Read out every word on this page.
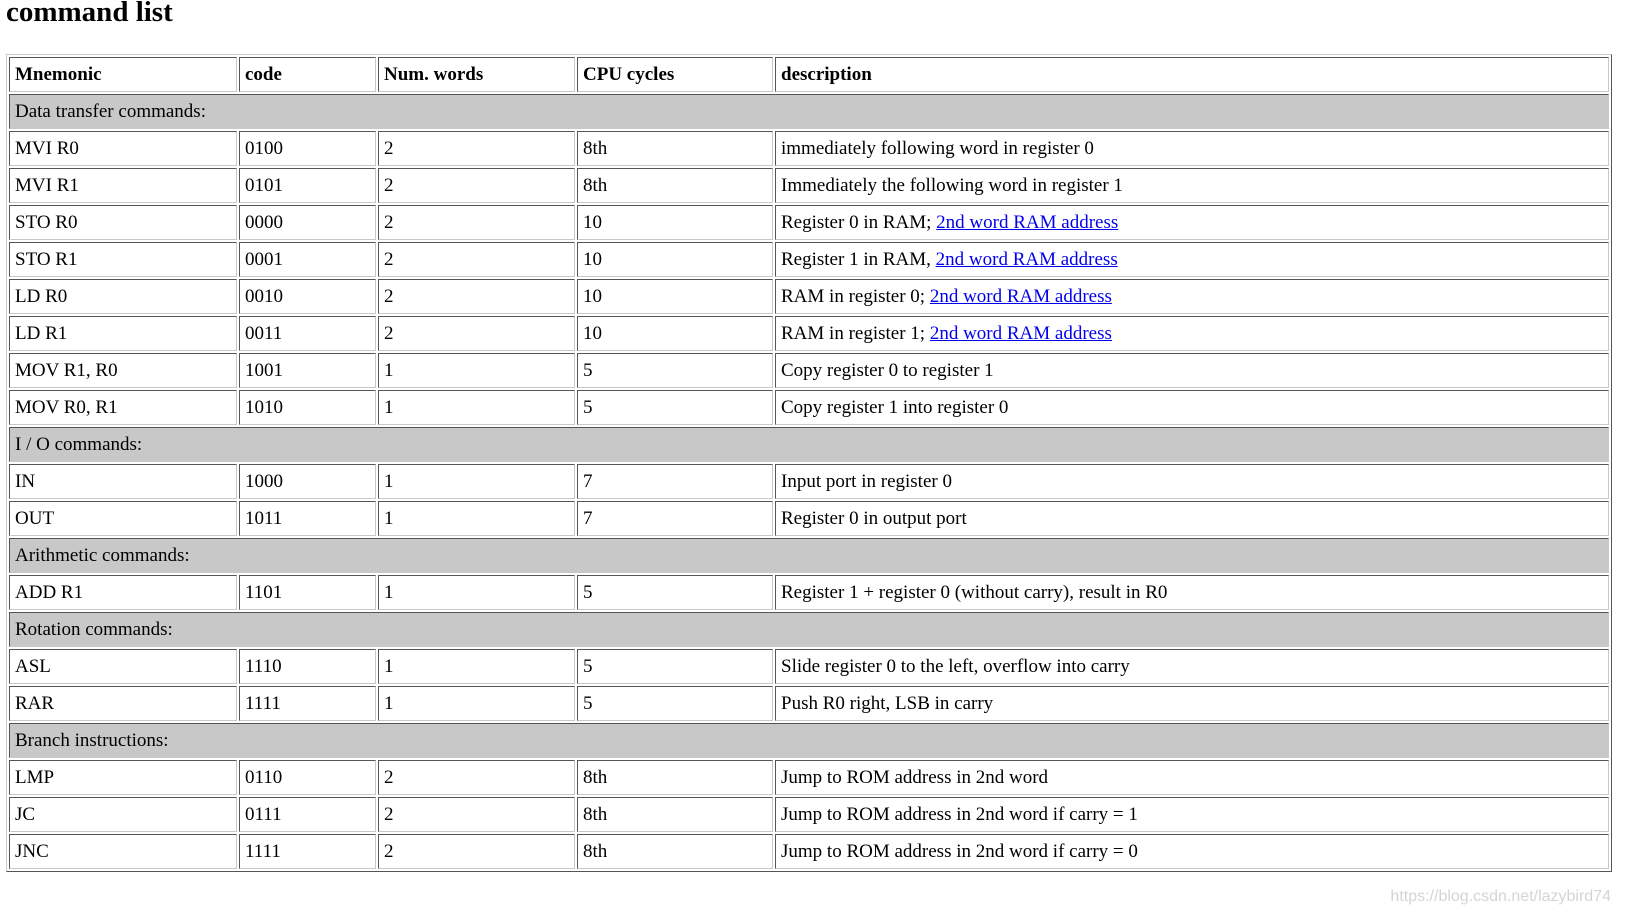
command list
Mnemonic	code	Num. words	CPU cycles	description
Data transfer commands:				
MVI R0	0100	2	8th	immediately following word in register 0
MVI R1	0101	2	8th	Immediately the following word in register 1
STO R0	0000	2	10	Register 0 in RAM; 2nd word RAM address
STO R1	0001	2	10	Register 1 in RAM, 2nd word RAM address
LD R0	0010	2	10	RAM in register 0; 2nd word RAM address
LD R1	0011	2	10	RAM in register 1; 2nd word RAM address
MOV R1, R0	1001	1	5	Copy register 0 to register 1
MOV R0, R1	1010	1	5	Copy register 1 into register 0
I / O commands:				
IN	1000	1	7	Input port in register 0
OUT	1011	1	7	Register 0 in output port
Arithmetic commands:				
ADD R1	1101	1	5	Register 1 + register 0 (without carry), result in R0
Rotation commands:				
ASL	1110	1	5	Slide register 0 to the left, overflow into carry
RAR	1111	1	5	Push R0 right, LSB in carry
Branch instructions:				
LMP	0110	2	8th	Jump to ROM address in 2nd word
JC	0111	2	8th	Jump to ROM address in 2nd word if carry = 1
JNC	1111	2	8th	Jump to ROM address in 2nd word if carry = 0
https://blog.csdn.net/lazybird74
